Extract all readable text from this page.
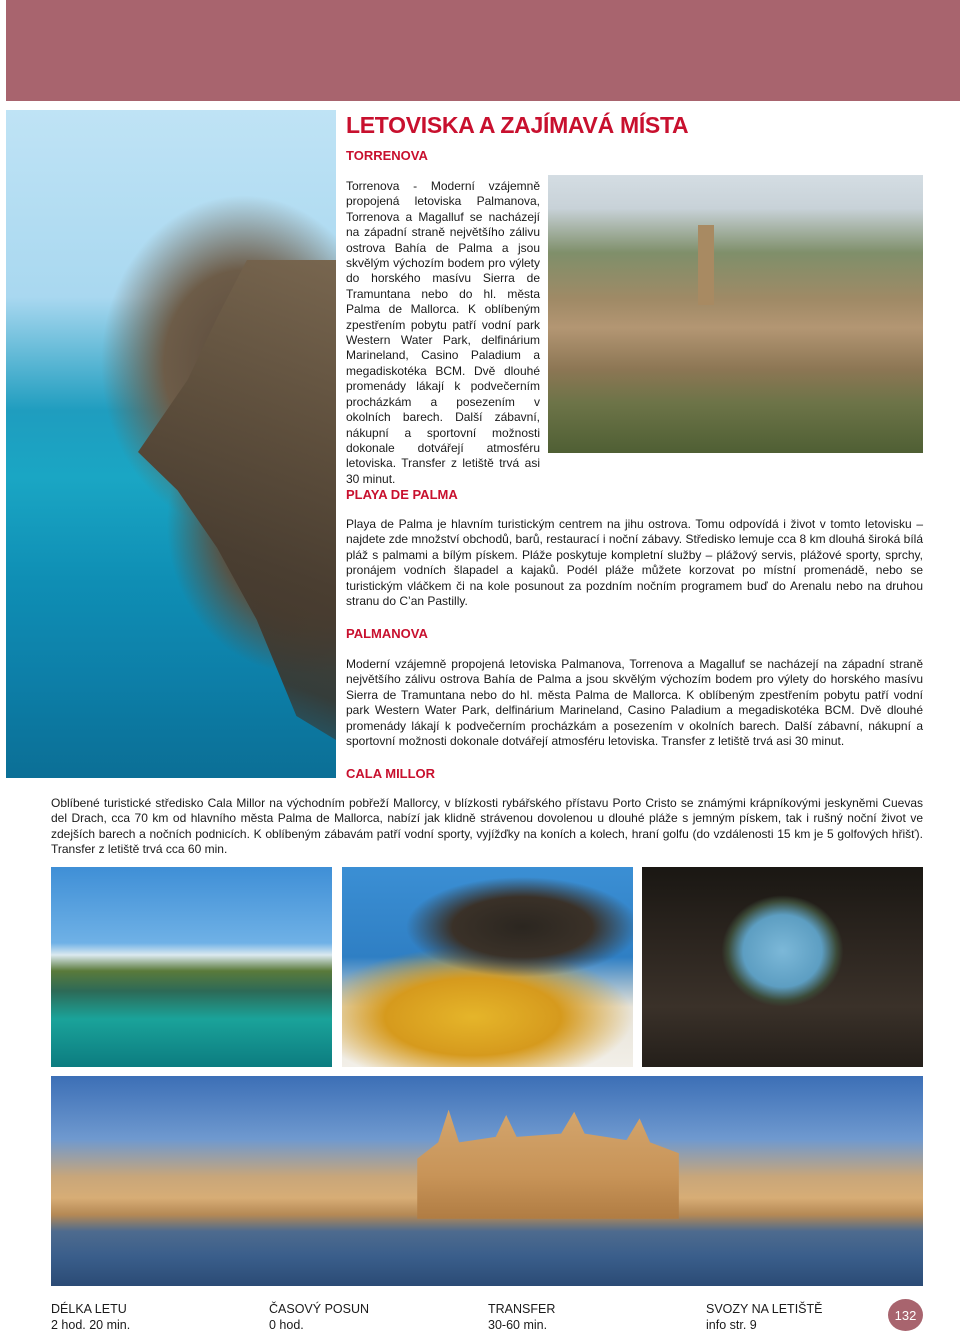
LETOVISKA A ZAJÍMAVÁ MÍSTA
TORRENOVA

Torrenova - Moderní vzájemně propojená letoviska Palmanova, Torrenova a Magalluf se nacházejí na západní straně největšího zálivu ostrova Bahía de Palma a jsou skvělým výchozím bodem pro výlety do horského masívu Sierra de Tramuntana nebo do hl. města Palma de Mallorca. K oblíbeným zpestřením pobytu patří vodní park Western Water Park, delfinárium Marineland, Casino Paladium a megadiskotéka BCM. Dvě dlouhé promenády lákají k podvečerním procházkám a posezením v okolních barech. Další zábavní, nákupní a sportovní možnosti dokonale dotvářejí atmosféru letoviska. Transfer z letiště trvá asi 30 minut.

PLAYA DE PALMA

Playa de Palma je hlavním turistickým centrem na jihu ostrova. Tomu odpovídá i život v tomto letovisku – najdete zde množství obchodů, barů, restaurací i noční zábavy. Středisko lemuje cca 8 km dlouhá široká bílá pláž s palmami a bílým pískem. Pláže poskytuje kompletní služby – plážový servis, plážové sporty, sprchy, pronájem vodních šlapadel a kajaků. Podél pláže můžete korzovat po místní promenádě, nebo se turistickým vláčkem či na kole posunout za pozdním nočním programem buď do Arenalu nebo na druhou stranu do C’an Pastilly.

PALMANOVA

Moderní vzájemně propojená letoviska Palmanova, Torrenova a Magalluf se nacházejí na západní straně největšího zálivu ostrova Bahía de Palma a jsou skvělým výchozím bodem pro výlety do horského masívu Sierra de Tramuntana nebo do hl. města Palma de Mallorca. K oblíbeným zpestřením pobytu patří vodní park Western Water Park, delfinárium Marineland, Casino Paladium a megadiskotéka BCM. Dvě dlouhé promenády lákají k podvečerním procházkám a posezením v okolních barech. Další zábavní, nákupní a sportovní možnosti dokonale dotvářejí atmosféru letoviska. Transfer z letiště trvá asi 30 minut.

CALA MILLOR

Oblíbené turistické středisko Cala Millor na východním pobřeží Mallorcy, v blízkosti rybářského přístavu Porto Cristo se známými krápníkovými jeskyněmi Cuevas del Drach, cca 70 km od hlavního města Palma de Mallorca, nabízí jak klidně strávenou dovolenou u dlouhé pláže s jemným pískem, tak i rušný noční život ve zdejších barech a nočních podnicích. K oblíbeným zábavám patří vodní sporty, vyjížďky na koních a kolech, hraní golfu (do vzdálenosti 15 km je 5 golfových hřišť). Transfer z letiště trvá cca 60 min.

DÉLKA LETU
2 hod. 20 min.
ČASOVÝ POSUN
0 hod.
TRANSFER
30-60 min.
SVOZY NA LETIŠTĚ
info str. 9
132
